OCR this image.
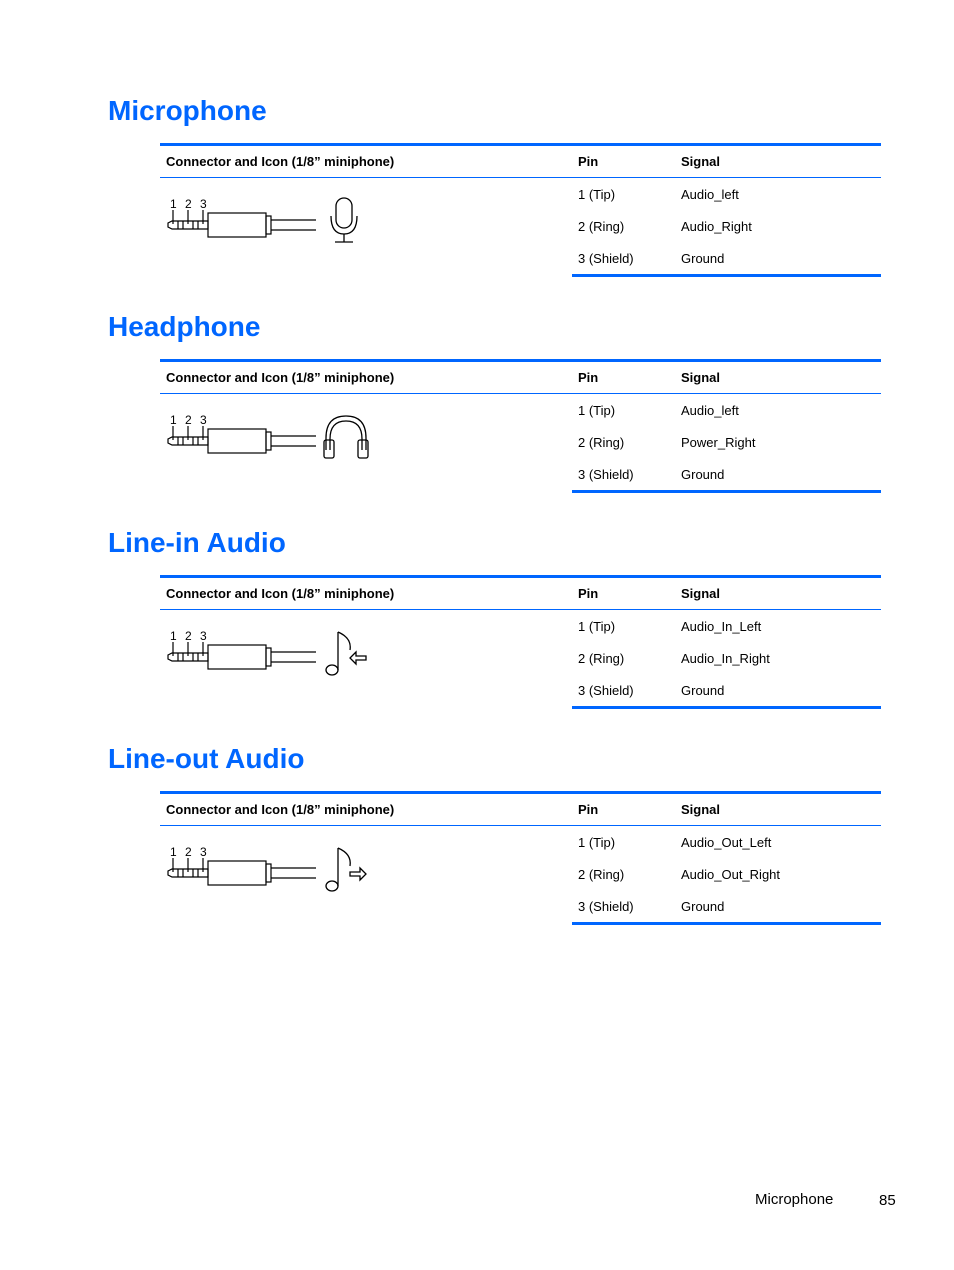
Microphone
Connector and Icon (1/8” miniphone)	Pin	Signal

1 2 3	1 (Tip)	Audio_left
	2 (Ring)	Audio_Right
	3 (Shield)	Ground
Headphone
Connector and Icon (1/8” miniphone)	Pin	Signal

1 2 3	1 (Tip)	Audio_left
	2 (Ring)	Power_Right
	3 (Shield)	Ground
Line-in Audio
Connector and Icon (1/8” miniphone)	Pin	Signal

1 2 3	1 (Tip)	Audio_In_Left
	2 (Ring)	Audio_In_Right
	3 (Shield)	Ground
Line-out Audio
Connector and Icon (1/8” miniphone)	Pin	Signal

1 2 3	1 (Tip)	Audio_Out_Left
	2 (Ring)	Audio_Out_Right
	3 (Shield)	Ground
Microphone	85
